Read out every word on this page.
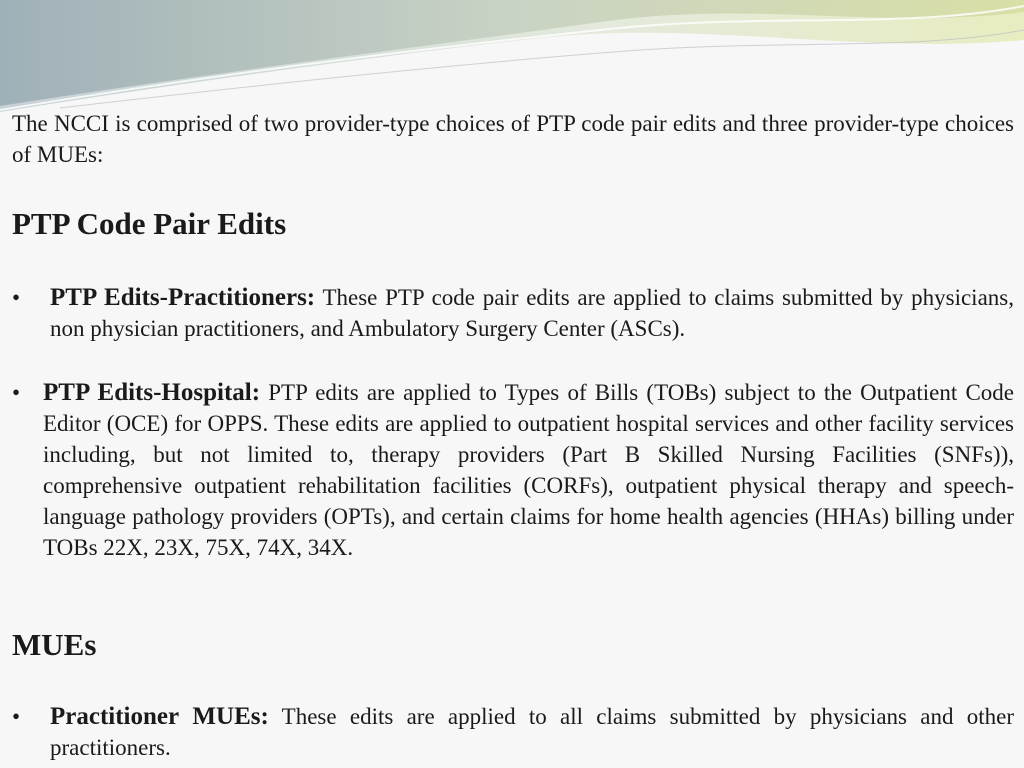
The NCCI is comprised of two provider-type choices of PTP code pair edits and three provider-type choices of MUEs:

PTP Code Pair Edits
• PTP Edits-Practitioners: These PTP code pair edits are applied to claims submitted by physicians, non physician practitioners, and Ambulatory Surgery Center (ASCs).

• PTP Edits-Hospital: PTP edits are applied to Types of Bills (TOBs) subject to the Outpatient Code Editor (OCE) for OPPS. These edits are applied to outpatient hospital services and other facility services including, but not limited to, therapy providers (Part B Skilled Nursing Facilities (SNFs)), comprehensive outpatient rehabilitation facilities (CORFs), outpatient physical therapy and speech-language pathology providers (OPTs), and certain claims for home health agencies (HHAs) billing under TOBs 22X, 23X, 75X, 74X, 34X.

MUEs
• Practitioner MUEs: These edits are applied to all claims submitted by physicians and other practitioners.
